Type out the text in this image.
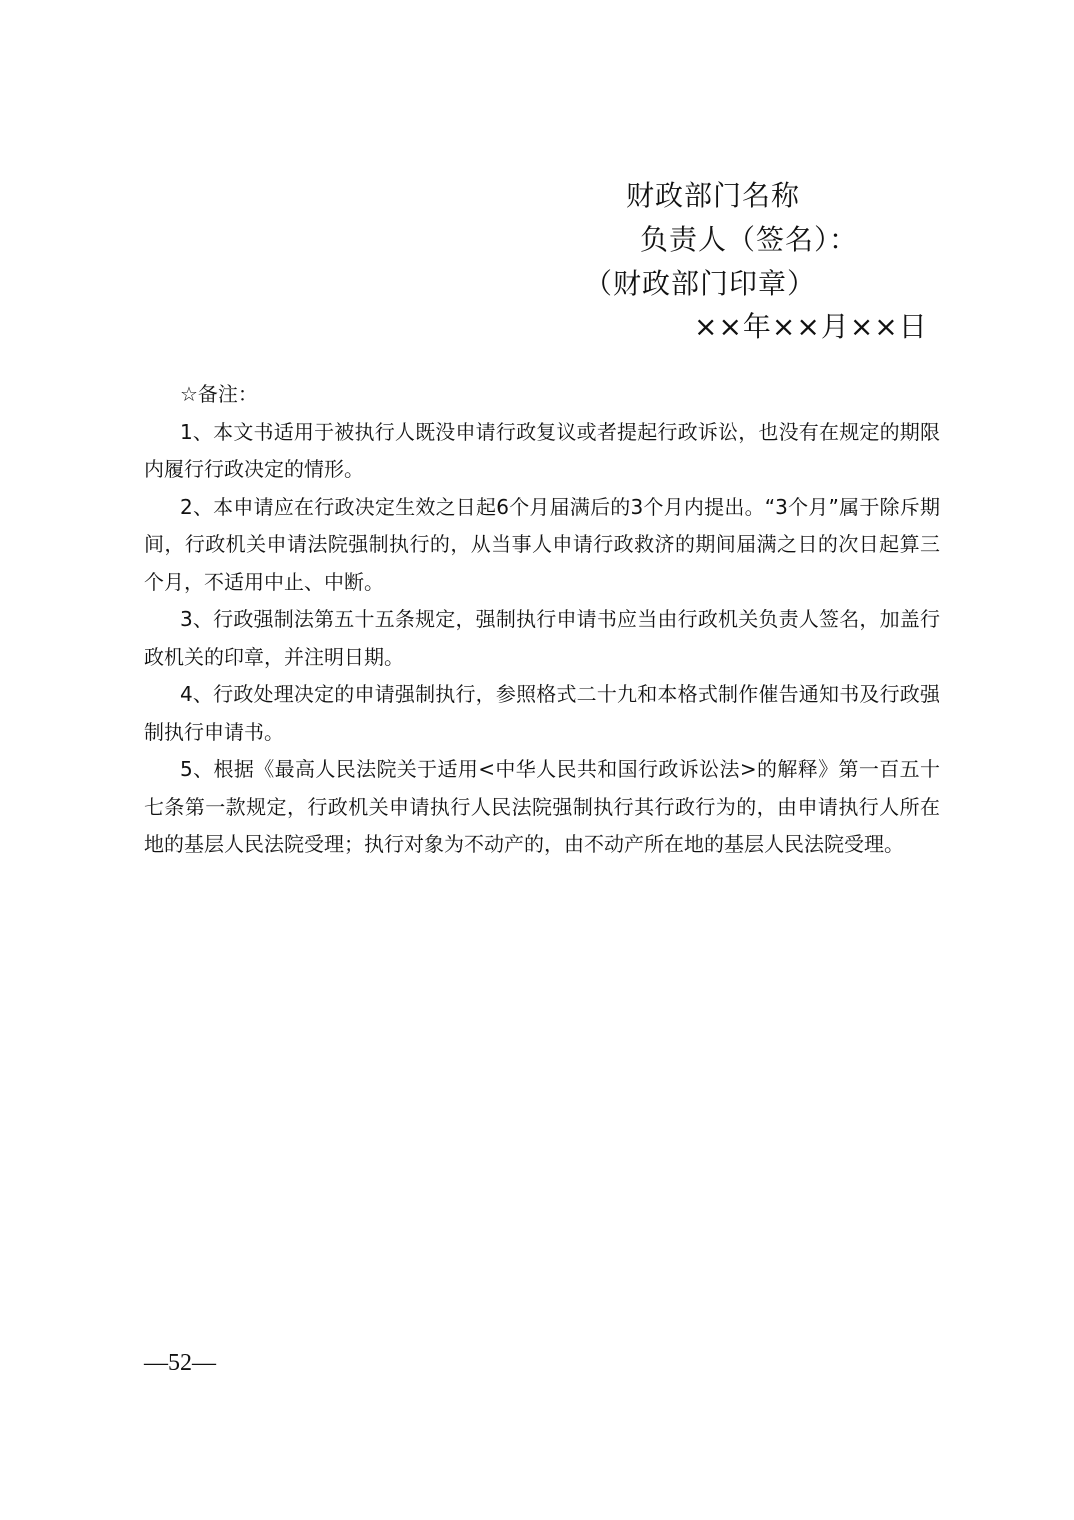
财政部门名称
负责人（签名）：
（财政部门印章）
××年××月××日

☆备注：

1、本文书适用于被执行人既没申请行政复议或者提起行政诉讼，也没有在规定的期限内履行行政决定的情形。

2、本申请应在行政决定生效之日起6个月届满后的3个月内提出。“3个月”属于除斥期间，行政机关申请法院强制执行的，从当事人申请行政救济的期间届满之日的次日起算三个月，不适用中止、中断。

3、行政强制法第五十五条规定，强制执行申请书应当由行政机关负责人签名，加盖行政机关的印章，并注明日期。

4、行政处理决定的申请强制执行，参照格式二十九和本格式制作催告通知书及行政强制执行申请书。

5、根据《最高人民法院关于适用<中华人民共和国行政诉讼法>的解释》第一百五十七条第一款规定，行政机关申请执行人民法院强制执行其行政行为的，由申请执行人所在地的基层人民法院受理；执行对象为不动产的，由不动产所在地的基层人民法院受理。

—52—
